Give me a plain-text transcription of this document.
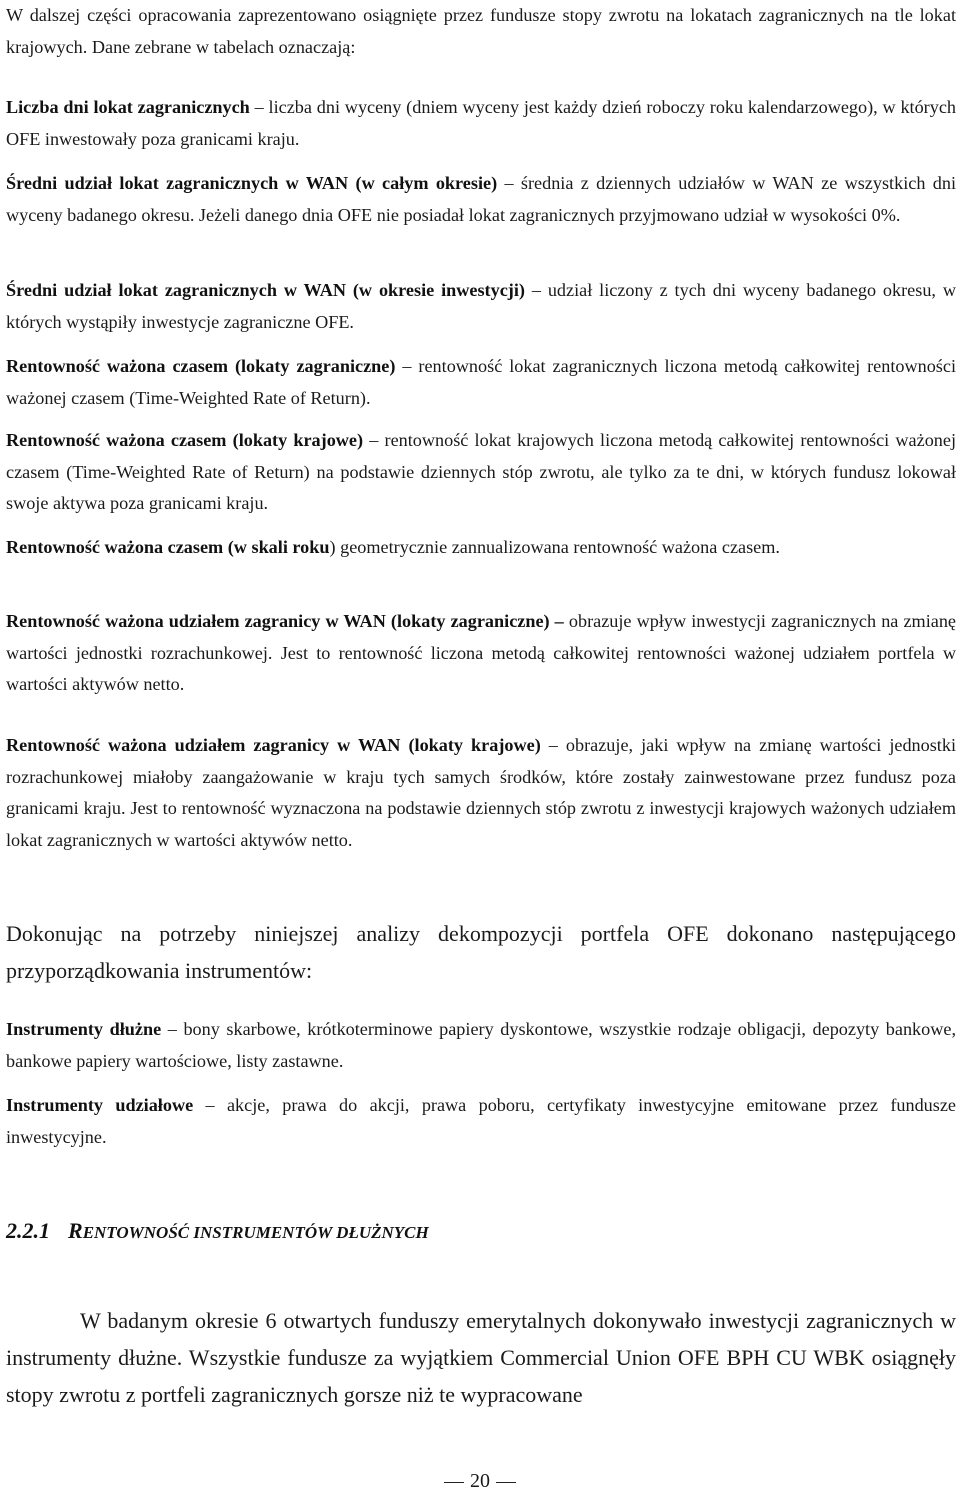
W dalszej części opracowania zaprezentowano osiągnięte przez fundusze stopy zwrotu na lokatach zagranicznych na tle lokat krajowych. Dane zebrane w tabelach oznaczają:

Liczba dni lokat zagranicznych – liczba dni wyceny (dniem wyceny jest każdy dzień roboczy roku kalendarzowego), w których OFE inwestowały poza granicami kraju.

Średni udział lokat zagranicznych w WAN (w całym okresie) – średnia z dziennych udziałów w WAN ze wszystkich dni wyceny badanego okresu. Jeżeli danego dnia OFE nie posiadał lokat zagranicznych przyjmowano udział w wysokości 0%.

Średni udział lokat zagranicznych w WAN (w okresie inwestycji) – udział liczony z tych dni wyceny badanego okresu, w których wystąpiły inwestycje zagraniczne OFE.

Rentowność ważona czasem (lokaty zagraniczne) – rentowność lokat zagranicznych liczona metodą całkowitej rentowności ważonej czasem (Time-Weighted Rate of Return).

Rentowność ważona czasem (lokaty krajowe) – rentowność lokat krajowych liczona metodą całkowitej rentowności ważonej czasem (Time-Weighted Rate of Return) na podstawie dziennych stóp zwrotu, ale tylko za te dni, w których fundusz lokował swoje aktywa poza granicami kraju.

Rentowność ważona czasem (w skali roku) geometrycznie zannualizowana rentowność ważona czasem.

Rentowność ważona udziałem zagranicy w WAN (lokaty zagraniczne) – obrazuje wpływ inwestycji zagranicznych na zmianę wartości jednostki rozrachunkowej. Jest to rentowność liczona metodą całkowitej rentowności ważonej udziałem portfela w wartości aktywów netto.

Rentowność ważona udziałem zagranicy w WAN (lokaty krajowe) – obrazuje, jaki wpływ na zmianę wartości jednostki rozrachunkowej miałoby zaangażowanie w kraju tych samych środków, które zostały zainwestowane przez fundusz poza granicami kraju. Jest to rentowność wyznaczona na podstawie dziennych stóp zwrotu z inwestycji krajowych ważonych udziałem lokat zagranicznych w wartości aktywów netto.

Dokonując na potrzeby niniejszej analizy dekompozycji portfela OFE dokonano następującego przyporządkowania instrumentów:

Instrumenty dłużne – bony skarbowe, krótkoterminowe papiery dyskontowe, wszystkie rodzaje obligacji, depozyty bankowe, bankowe papiery wartościowe, listy zastawne.

Instrumenty udziałowe – akcje, prawa do akcji, prawa poboru, certyfikaty inwestycyjne emitowane przez fundusze inwestycyjne.

W badanym okresie 6 otwartych funduszy emerytalnych dokonywało inwestycji zagranicznych w instrumenty dłużne. Wszystkie fundusze za wyjątkiem Commercial Union OFE BPH CU WBK osiągnęły stopy zwrotu z portfeli zagranicznych gorsze niż te wypracowane

2.2.1 RENTOWNOŚĆ INSTRUMENTÓW DŁUŻNYCH
20
